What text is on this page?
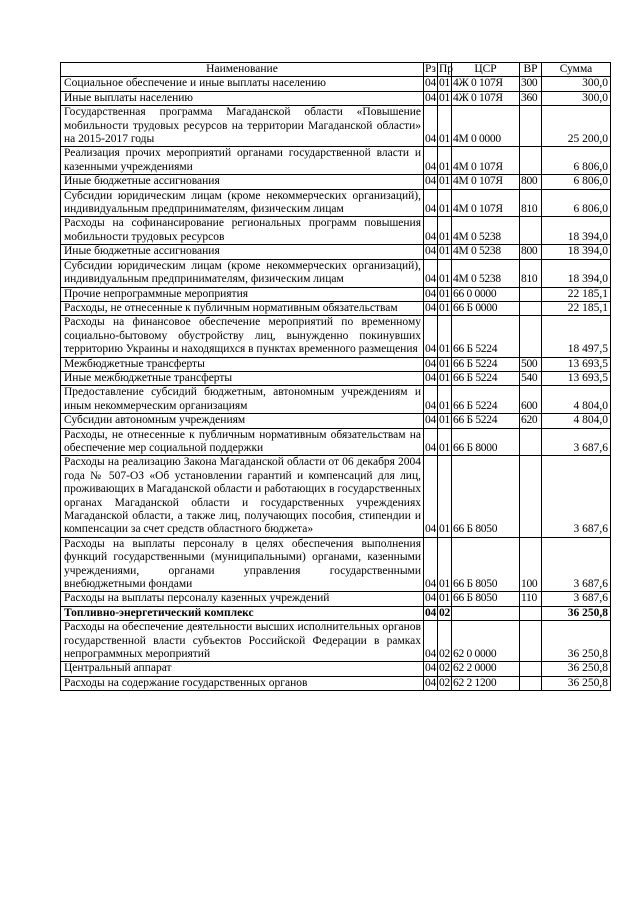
Наименование	Рз	Пр	ЦСР	ВР	Сумма
Социальное обеспечение и иные выплаты населению	04	01	4Ж 0 107Я	300	300,0
Иные выплаты населению	04	01	4Ж 0 107Я	360	300,0
Государственная программа Магаданской области «Повышение мобильности трудовых ресурсов на территории Магаданской области» на 2015-2017 годы	04	01	4М 0 0000		25 200,0
Реализация прочих мероприятий органами государственной власти и казенными учреждениями	04	01	4М 0 107Я		6 806,0
Иные бюджетные ассигнования	04	01	4М 0 107Я	800	6 806,0
Субсидии юридическим лицам (кроме некоммерческих организаций), индивидуальным предпринимателям, физическим лицам	04	01	4М 0 107Я	810	6 806,0
Расходы на софинансирование региональных программ повышения мобильности трудовых ресурсов	04	01	4М 0 5238		18 394,0
Иные бюджетные ассигнования	04	01	4М 0 5238	800	18 394,0
Субсидии юридическим лицам (кроме некоммерческих организаций), индивидуальным предпринимателям, физическим лицам	04	01	4М 0 5238	810	18 394,0
Прочие непрограммные мероприятия	04	01	66 0 0000		22 185,1
Расходы, не отнесенные к публичным нормативным обязательствам	04	01	66 Б 0000		22 185,1
Расходы на финансовое обеспечение мероприятий по временному социально-бытовому обустройству лиц, вынужденно покинувших территорию Украины и находящихся в пунктах временного размещения	04	01	66 Б 5224		18 497,5
Межбюджетные трансферты	04	01	66 Б 5224	500	13 693,5
Иные межбюджетные трансферты	04	01	66 Б 5224	540	13 693,5
Предоставление субсидий бюджетным, автономным учреждениям и иным некоммерческим организациям	04	01	66 Б 5224	600	4 804,0
Субсидии автономным учреждениям	04	01	66 Б 5224	620	4 804,0
Расходы, не отнесенные к публичным нормативным обязательствам на обеспечение мер социальной поддержки	04	01	66 Б 8000		3 687,6
Расходы на реализацию Закона Магаданской области от 06 декабря 2004 года № 507-ОЗ «Об установлении гарантий и компенсаций для лиц, проживающих в Магаданской области и работающих в государственных органах Магаданской области и государственных учреждениях Магаданской области, а также лиц, получающих пособия, стипендии и компенсации за счет средств областного бюджета»	04	01	66 Б 8050		3 687,6
Расходы на выплаты персоналу в целях обеспечения выполнения функций государственными (муниципальными) органами, казенными учреждениями, органами управления государственными внебюджетными фондами	04	01	66 Б 8050	100	3 687,6
Расходы на выплаты персоналу казенных учреждений	04	01	66 Б 8050	110	3 687,6
Топливно-энергетический комплекс	04	02			36 250,8
Расходы на обеспечение деятельности высших исполнительных органов государственной власти субъектов Российской Федерации в рамках непрограммных мероприятий	04	02	62 0 0000		36 250,8
Центральный аппарат	04	02	62 2 0000		36 250,8
Расходы на содержание государственных органов	04	02	62 2 1200		36 250,8
